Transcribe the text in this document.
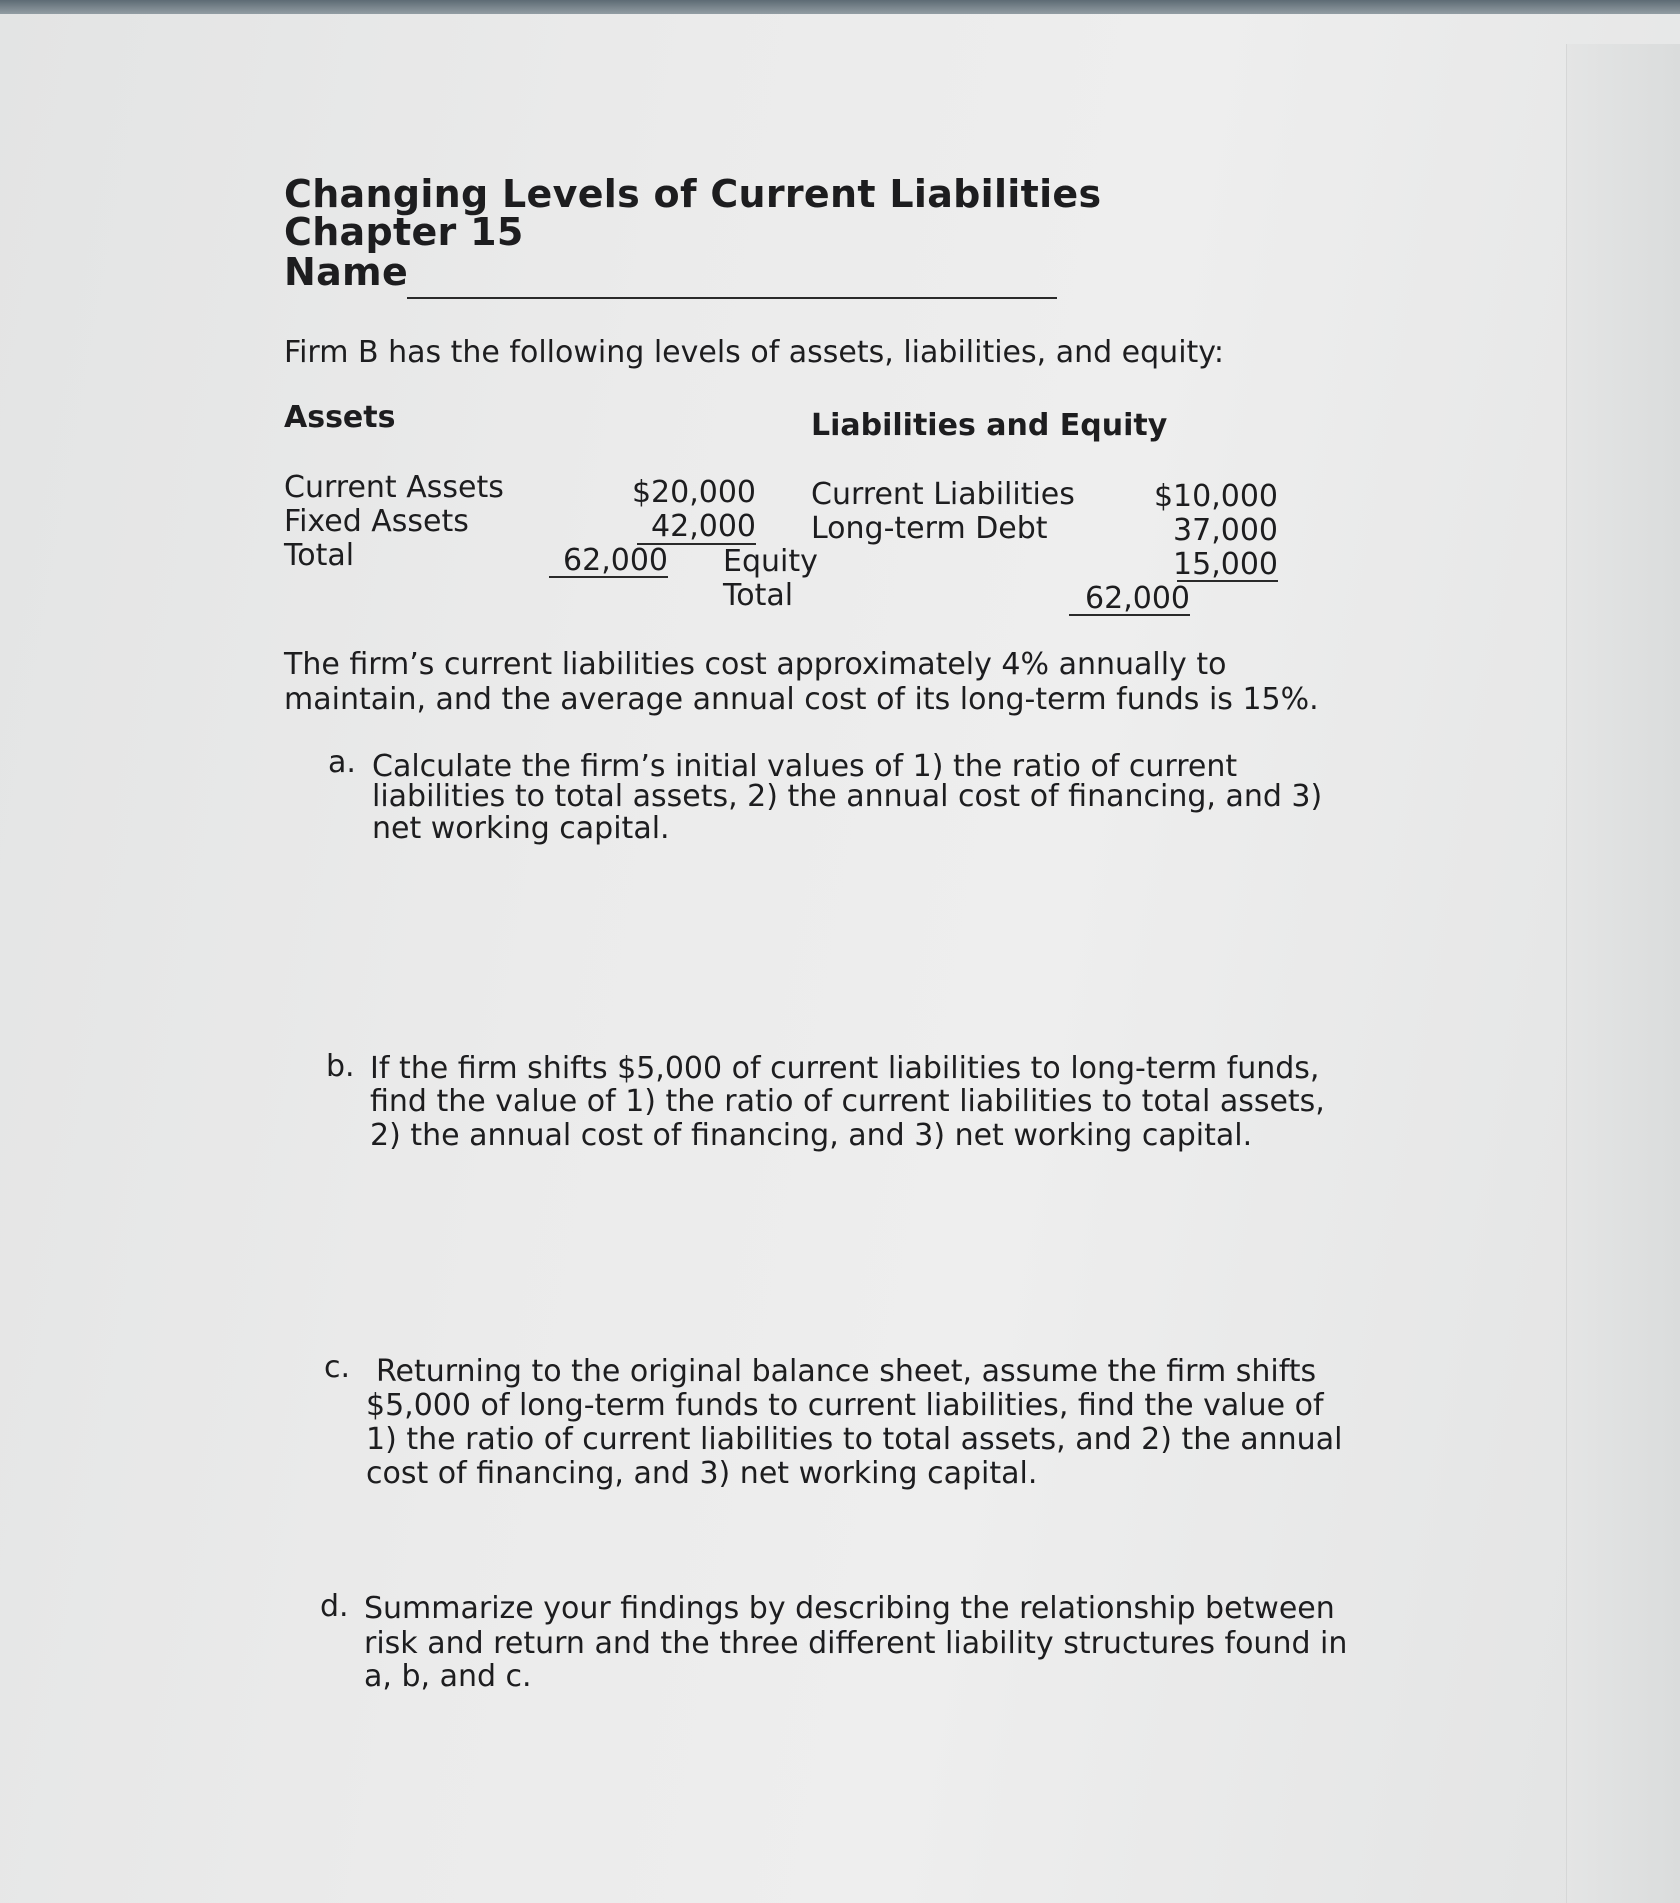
Changing Levels of Current Liabilities
Chapter 15
Name
Firm B has the following levels of assets, liabilities, and equity:
Assets	Liabilities and Equity
Current Assets	$20,000
Fixed Assets	42,000
Total	62,000
Current Liabilities	$10,000
Long-term Debt	37,000
Equity	15,000
Total	62,000
The firm’s current liabilities cost approximately 4% annually to
maintain, and the average annual cost of its long-term funds is 15%.
a. Calculate the firm’s initial values of 1) the ratio of current
liabilities to total assets, 2) the annual cost of financing, and 3)
net working capital.
b. If the firm shifts $5,000 of current liabilities to long-term funds,
find the value of 1) the ratio of current liabilities to total assets,
2) the annual cost of financing, and 3) net working capital.
c. Returning to the original balance sheet, assume the firm shifts
$5,000 of long-term funds to current liabilities, find the value of
1) the ratio of current liabilities to total assets, and 2) the annual
cost of financing, and 3) net working capital.
d. Summarize your findings by describing the relationship between
risk and return and the three different liability structures found in
a, b, and c.
